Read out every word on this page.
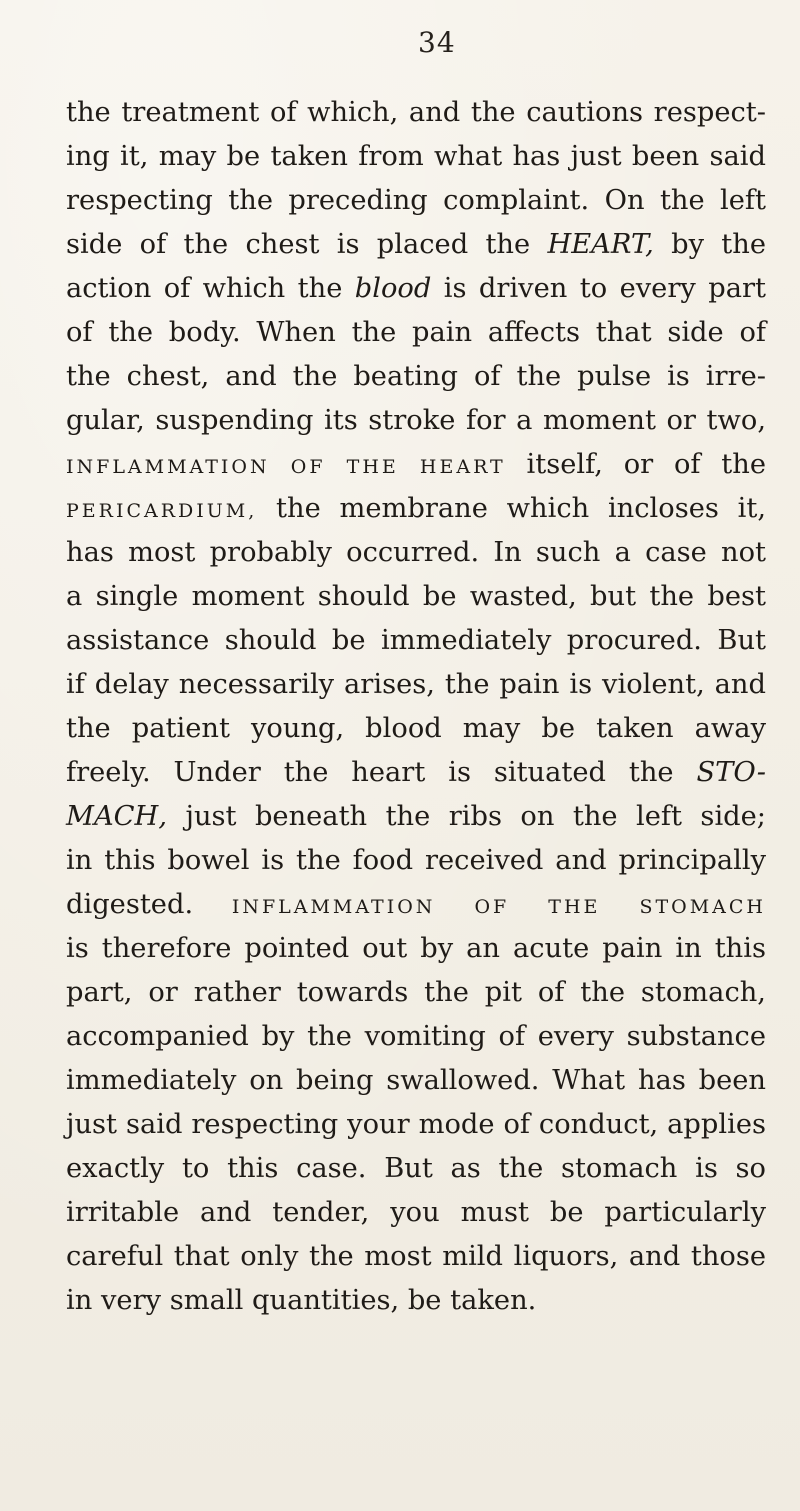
34
the treatment of which, and the cautions respect-
ing it, may be taken from what has just been said
respecting the preceding complaint. On the left
side of the chest is placed the HEART, by the
action of which the blood is driven to every part
of the body. When the pain affects that side of
the chest, and the beating of the pulse is irre-
gular, suspending its stroke for a moment or two,
INFLAMMATION OF THE HEART itself, or of the
PERICARDIUM, the membrane which incloses it,
has most probably occurred. In such a case not
a single moment should be wasted, but the best
assistance should be immediately procured. But
if delay necessarily arises, the pain is violent, and
the patient young, blood may be taken away
freely. Under the heart is situated the STO-
MACH, just beneath the ribs on the left side;
in this bowel is the food received and principally
digested. INFLAMMATION OF THE STOMACH
is therefore pointed out by an acute pain in this
part, or rather towards the pit of the stomach,
accompanied by the vomiting of every substance
immediately on being swallowed. What has been
just said respecting your mode of conduct, applies
exactly to this case. But as the stomach is so
irritable and tender, you must be particularly
careful that only the most mild liquors, and those
in very small quantities, be taken.
